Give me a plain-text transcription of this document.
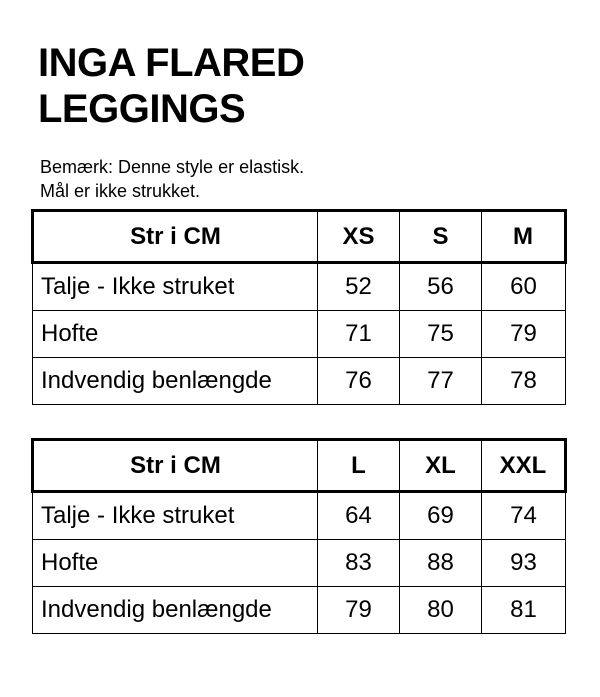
INGA FLARED
LEGGINGS

Bemærk: Denne style er elastisk.
Mål er ikke strukket.

Str i CM	XS	S	M
Talje - Ikke struket	52	56	60
Hofte	71	75	79
Indvendig benlængde	76	77	78
Str i CM	L	XL	XXL
Talje - Ikke struket	64	69	74
Hofte	83	88	93
Indvendig benlængde	79	80	81
